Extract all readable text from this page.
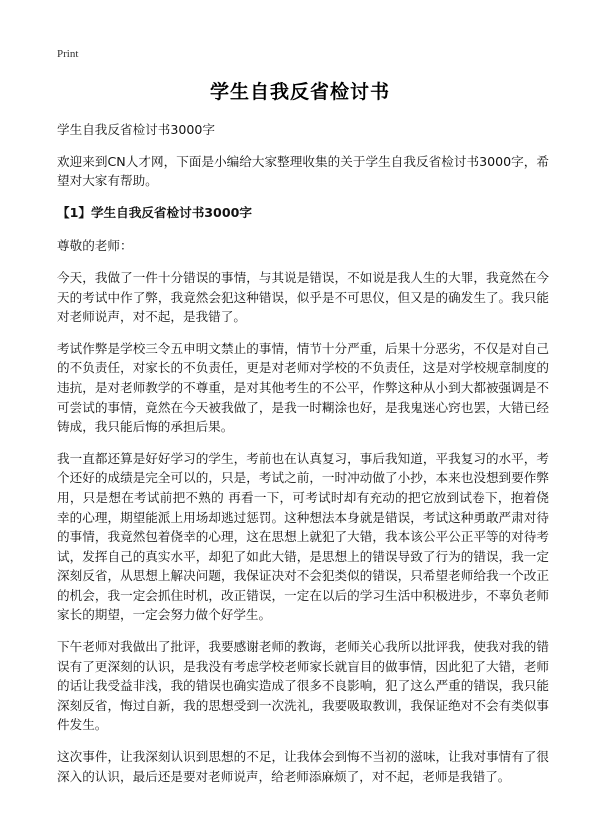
Print
学生自我反省检讨书

学生自我反省检讨书3000字

欢迎来到CN人才网，下面是小编给大家整理收集的关于学生自我反省检讨书3000字，希望对大家有帮助。

【1】学生自我反省检讨书3000字

尊敬的老师：

今天，我做了一件十分错误的事情，与其说是错误，不如说是我人生的大罪，我竟然在今天的考试中作了弊，我竟然会犯这种错误，似乎是不可思仪，但又是的确发生了。我只能对老师说声，对不起，是我错了。

考试作弊是学校三令五申明文禁止的事情，情节十分严重，后果十分恶劣，不仅是对自己的不负责任，对家长的不负责任，更是对老师对学校的不负责任，这是对学校规章制度的违抗，是对老师教学的不尊重，是对其他考生的不公平，作弊这种从小到大都被强调是不可尝试的事情，竟然在今天被我做了，是我一时糊涂也好，是我鬼迷心窍也罢，大错已经铸成，我只能后悔的承担后果。

我一直都还算是好好学习的学生，考前也在认真复习，事后我知道，平我复习的水平，考个还好的成绩是完全可以的，只是，考试之前，一时冲动做了小抄，本来也没想到要作弊用，只是想在考试前把不熟的 再看一下，可考试时却有充动的把它放到试卷下，抱着侥幸的心理，期望能派上用场却逃过惩罚。这种想法本身就是错误，考试这种勇敢严肃对待的事情，我竟然包着侥幸的心理，这在思想上就犯了大错，我本该公平公正平等的对待考试，发挥自己的真实水平，却犯了如此大错，是思想上的错误导致了行为的错误，我一定深刻反省，从思想上解决问题，我保证决对不会犯类似的错误，只希望老师给我一个改正的机会，我一定会抓住时机，改正错误，一定在以后的学习生活中积极进步，不辜负老师家长的期望，一定会努力做个好学生。

下午老师对我做出了批评，我要感谢老师的教诲，老师关心我所以批评我，使我对我的错误有了更深刻的认识，是我没有考虑学校老师家长就盲目的做事情，因此犯了大错，老师的话让我受益非浅，我的错误也确实造成了很多不良影响，犯了这么严重的错误，我只能深刻反省，悔过自新，我的思想受到一次洗礼，我要吸取教训，我保证绝对不会有类似事件发生。

这次事件，让我深刻认识到思想的不足，让我体会到悔不当初的滋味，让我对事情有了很深入的认识，最后还是要对老师说声，给老师添麻烦了，对不起，老师是我错了。
